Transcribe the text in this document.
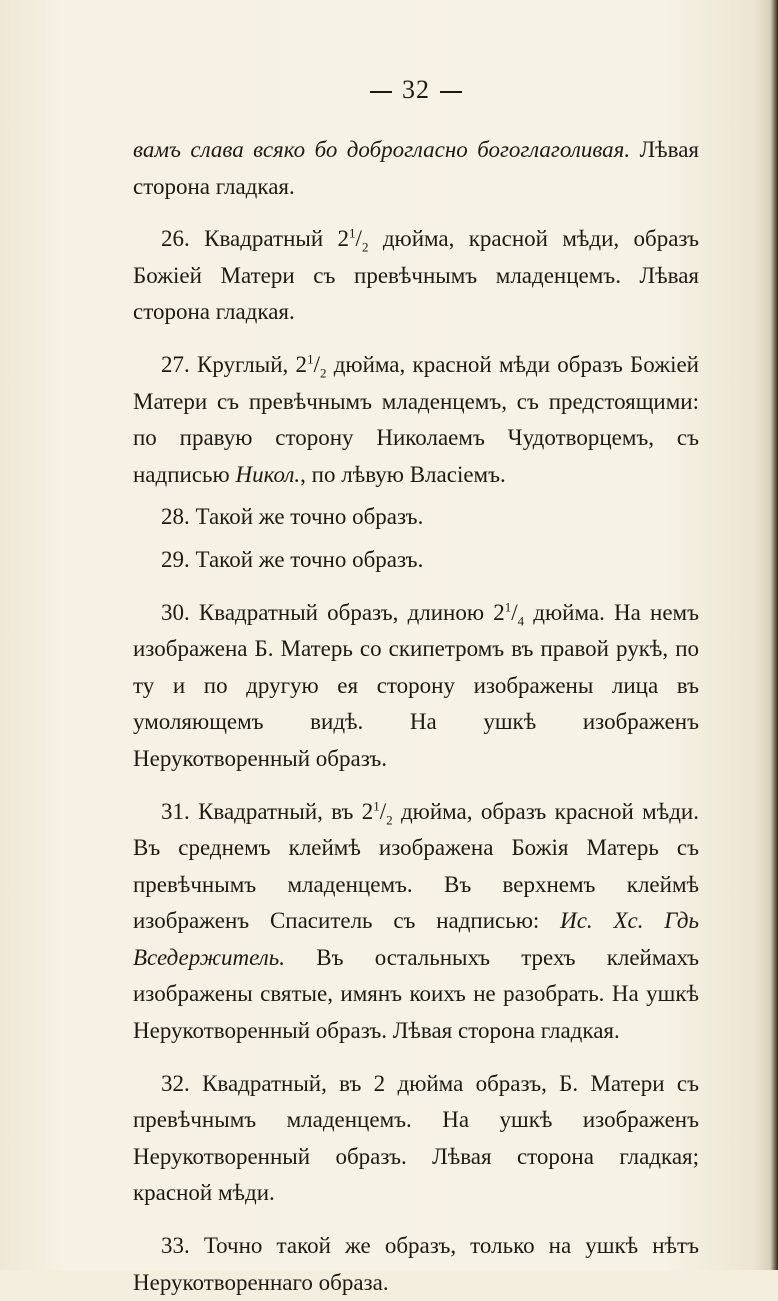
32

вамъ слава всяко бо доброгласно богоглаголивая. Лѣвая сторона гладкая.

26. Квадратный $2^1/_2$ дюйма, красной мѣди, образъ Божіей Матери съ превѣчнымъ младенцемъ. Лѣвая сторона гладкая.

27. Круглый, $2^1/_2$ дюйма, красной мѣди образъ Божіей Матери съ превѣчнымъ младенцемъ, съ предстоящими: по правую сторону Николаемъ Чудотворцемъ, съ надписью Никол., по лѣвую Власіемъ.

28. Такой же точно образъ.

29. Такой же точно образъ.

30. Квадратный образъ, длиною $2^1/_4$ дюйма. На немъ изображена Б. Матерь со скипетромъ въ правой рукѣ, по ту и по другую ея сторону изображены лица въ умоляющемъ видѣ. На ушкѣ изображенъ Нерукотворенный образъ.

31. Квадратный, въ $2^1/_2$ дюйма, образъ красной мѣди. Въ среднемъ клеймѣ изображена Божія Матерь съ превѣчнымъ младенцемъ. Въ верхнемъ клеймѣ изображенъ Спаситель съ надписью: Ис. Хс. Гдь Вседержитель. Въ остальныхъ трехъ клеймахъ изображены святые, имянъ коихъ не разобрать. На ушкѣ Нерукотворенный образъ. Лѣвая сторона гладкая.

32. Квадратный, въ 2 дюйма образъ, Б. Матери съ превѣчнымъ младенцемъ. На ушкѣ изображенъ Нерукотворенный образъ. Лѣвая сторона гладкая; красной мѣди.

33. Точно такой же образъ, только на ушкѣ нѣтъ Нерукотвореннаго образа.
